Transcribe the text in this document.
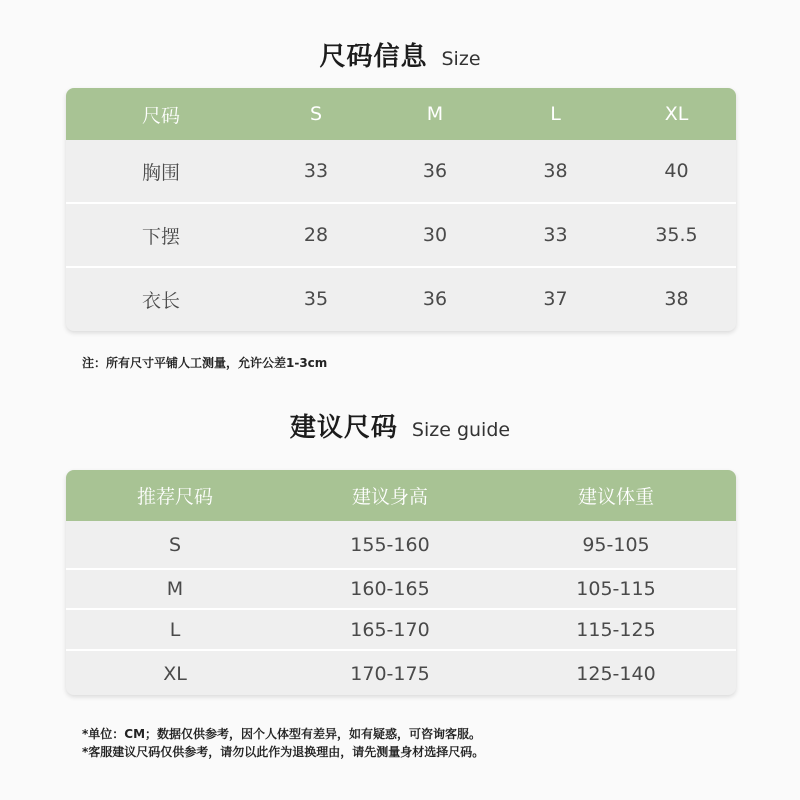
尺码信息 Size
尺码	S	M	L	XL
胸围	33	36	38	40
下摆	28	30	33	35.5
衣长	35	36	37	38
注：所有尺寸平铺人工测量，允许公差1-3cm
建议尺码 Size guide
推荐尺码	建议身高	建议体重
S	155-160	95-105
M	160-165	105-115
L	165-170	115-125
XL	170-175	125-140
*单位：CM；数据仅供参考，因个人体型有差异，如有疑惑，可咨询客服。
*客服建议尺码仅供参考，请勿以此作为退换理由，请先测量身材选择尺码。
